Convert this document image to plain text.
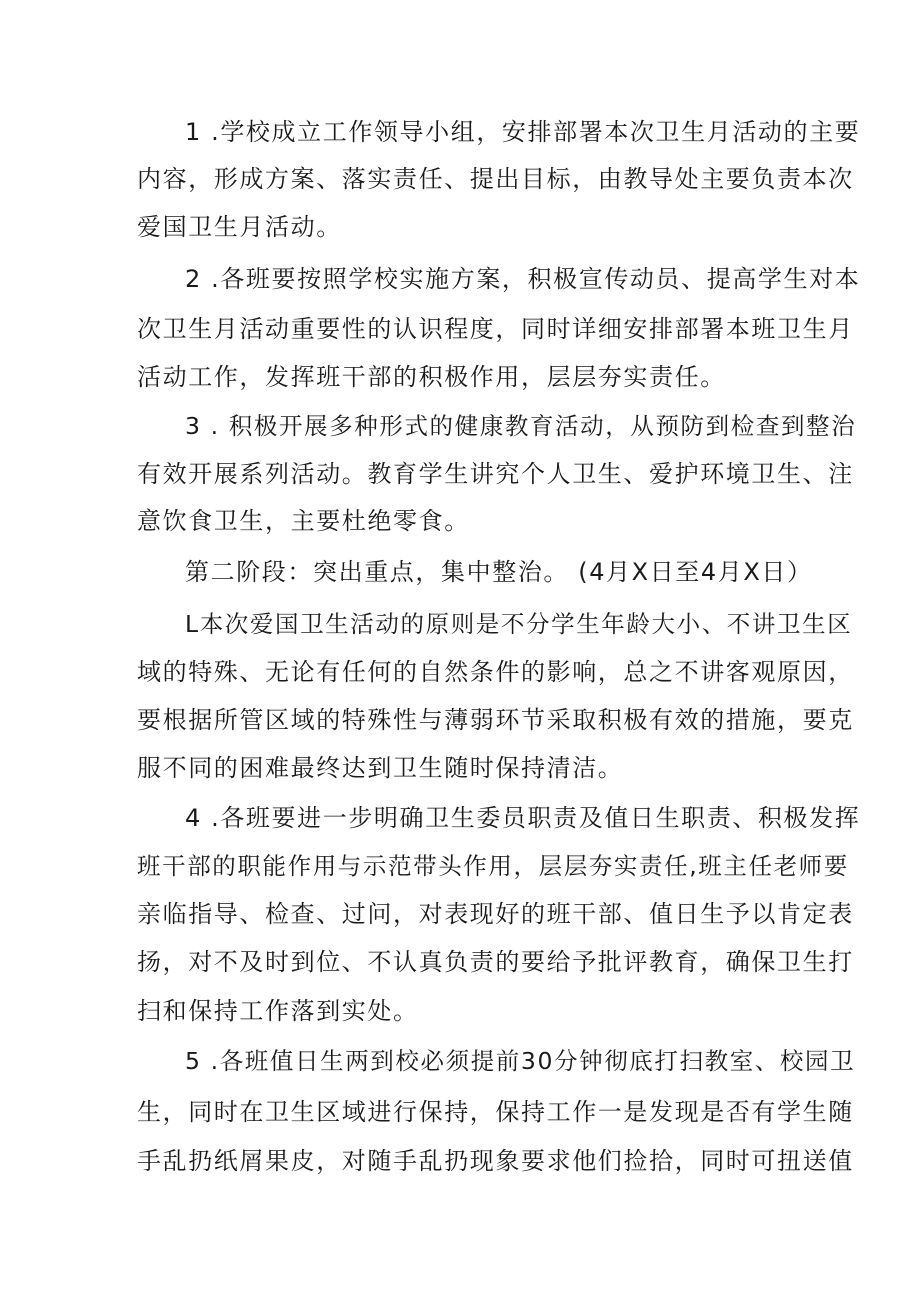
1 .学校成立工作领导小组，安排部署本次卫生月活动的主要
内容，形成方案、落实责任、提出目标，由教导处主要负责本次
爱国卫生月活动。
2 .各班要按照学校实施方案，积极宣传动员、提高学生对本
次卫生月活动重要性的认识程度，同时详细安排部署本班卫生月
活动工作，发挥班干部的积极作用，层层夯实责任。
3 . 积极开展多种形式的健康教育活动，从预防到检查到整治
有效开展系列活动。教育学生讲究个人卫生、爱护环境卫生、注
意饮食卫生，主要杜绝零食。
第二阶段：突出重点，集中整治。 (4月X日至4月X日）
L本次爱国卫生活动的原则是不分学生年龄大小、不讲卫生区
域的特殊、无论有任何的自然条件的影响，总之不讲客观原因，
要根据所管区域的特殊性与薄弱环节采取积极有效的措施，要克
服不同的困难最终达到卫生随时保持清洁。
4 .各班要进一步明确卫生委员职责及值日生职责、积极发挥
班干部的职能作用与示范带头作用，层层夯实责任,班主任老师要
亲临指导、检查、过问，对表现好的班干部、值日生予以肯定表
扬，对不及时到位、不认真负责的要给予批评教育，确保卫生打
扫和保持工作落到实处。
5 .各班值日生两到校必须提前30分钟彻底打扫教室、校园卫
生，同时在卫生区域进行保持，保持工作一是发现是否有学生随
手乱扔纸屑果皮，对随手乱扔现象要求他们捡拾，同时可扭送值
